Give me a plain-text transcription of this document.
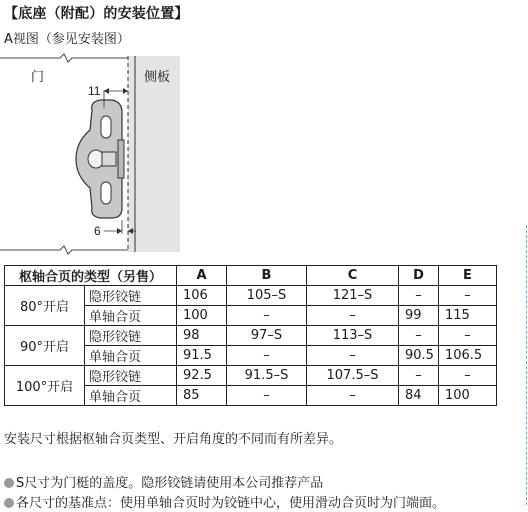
【底座（附配）的安装位置】
A视图（参见安装图）
11
6
门	侧板
枢轴合页的类型（另售）		A	B	C	D	E
80°开启	隐形铰链	106	105–S	121–S	–	–
	单轴合页	100	–	–	99	115
90°开启	隐形铰链	98	97–S	113–S	–	–
	单轴合页	91.5	–	–	90.5	106.5
100°开启	隐形铰链	92.5	91.5–S	107.5–S	–	–
	单轴合页	85	–	–	84	100
安装尺寸根据枢轴合页类型、开启角度的不同而有所差异。
S尺寸为门梃的盖度。隐形铰链请使用本公司推荐产品
各尺寸的基准点：使用单轴合页时为铰链中心，使用滑动合页时为门端面。
